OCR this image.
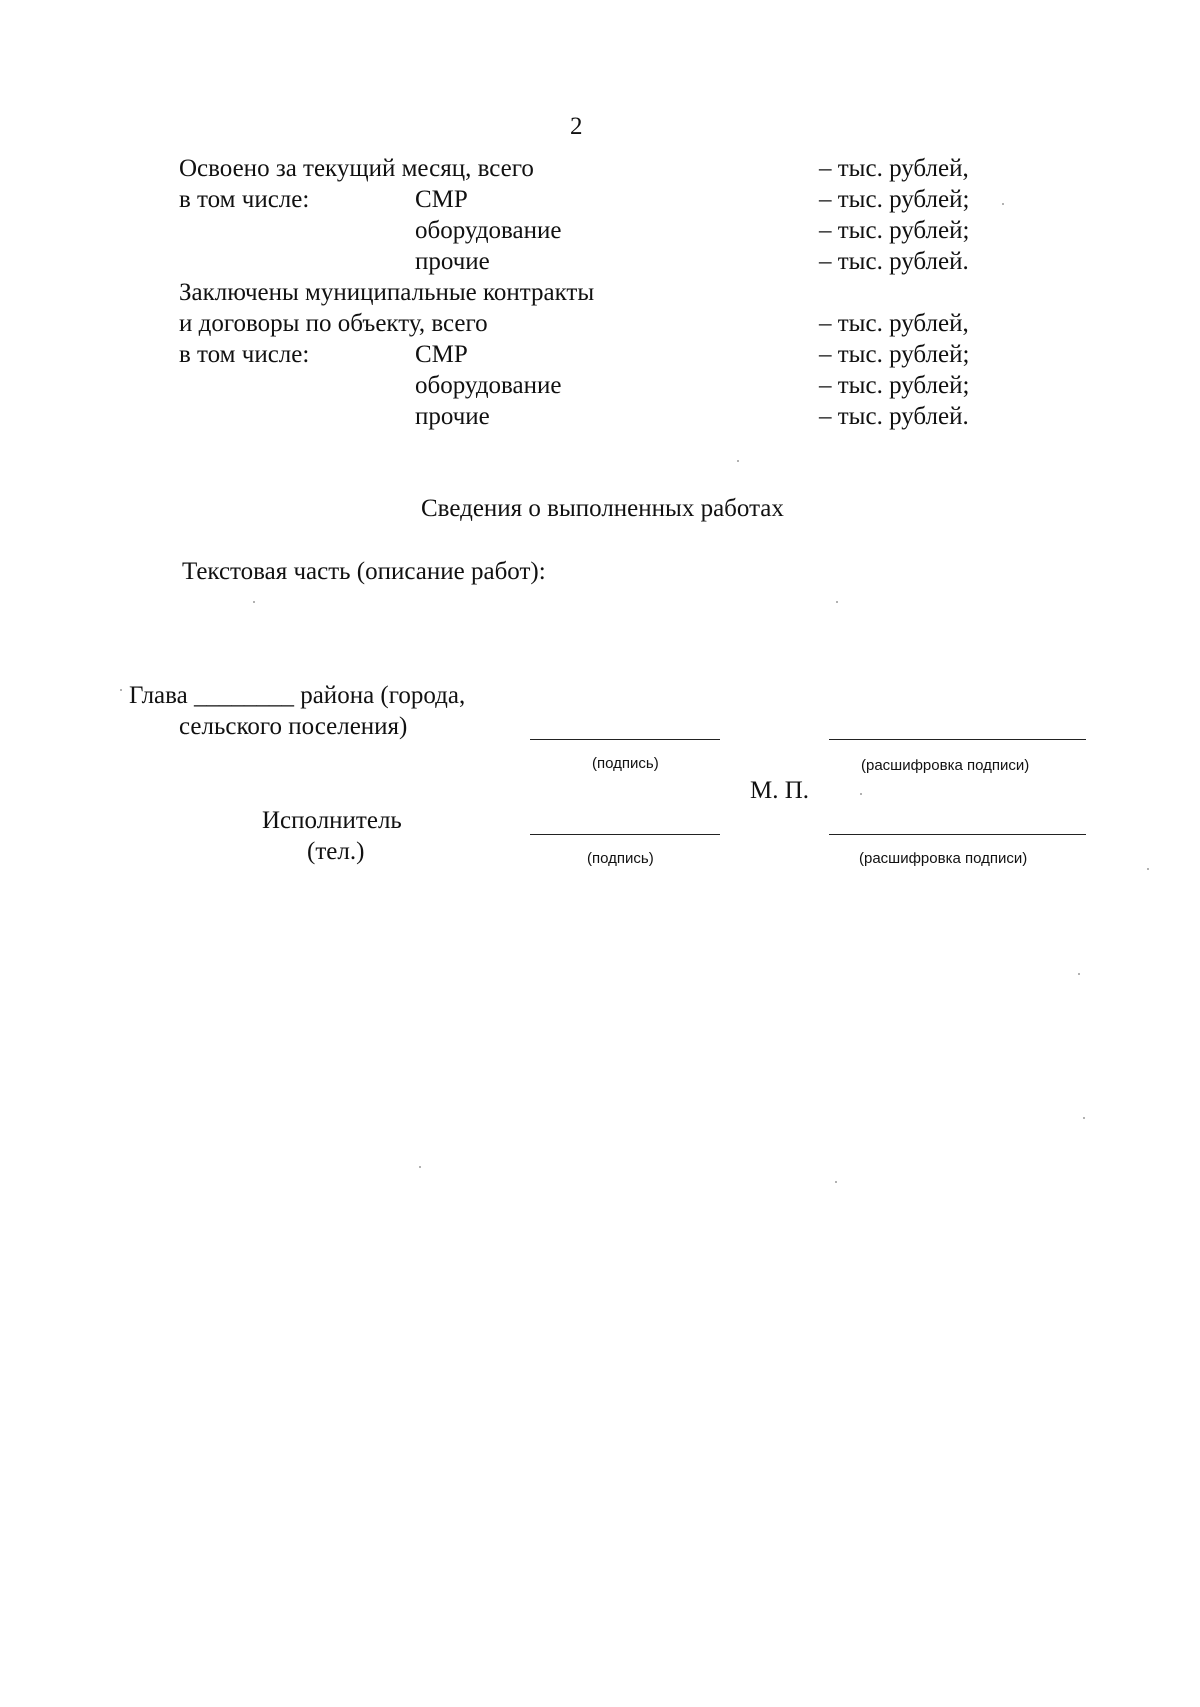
2
Освоено за текущий месяц, всего	– тыс. рублей,
в том числе:	СМР	– тыс. рублей;
оборудование	– тыс. рублей;
прочие	– тыс. рублей.
Заключены муниципальные контракты
и договоры по объекту, всего	– тыс. рублей,
в том числе:	СМР	– тыс. рублей;
оборудование	– тыс. рублей;
прочие	– тыс. рублей.
Сведения о выполненных работах
Текстовая часть (описание работ):
Глава ________ района (города,
сельского поселения)
(подпись)	(расшифровка подписи)
М. П.
Исполнитель
(тел.)	(подпись)	(расшифровка подписи)
